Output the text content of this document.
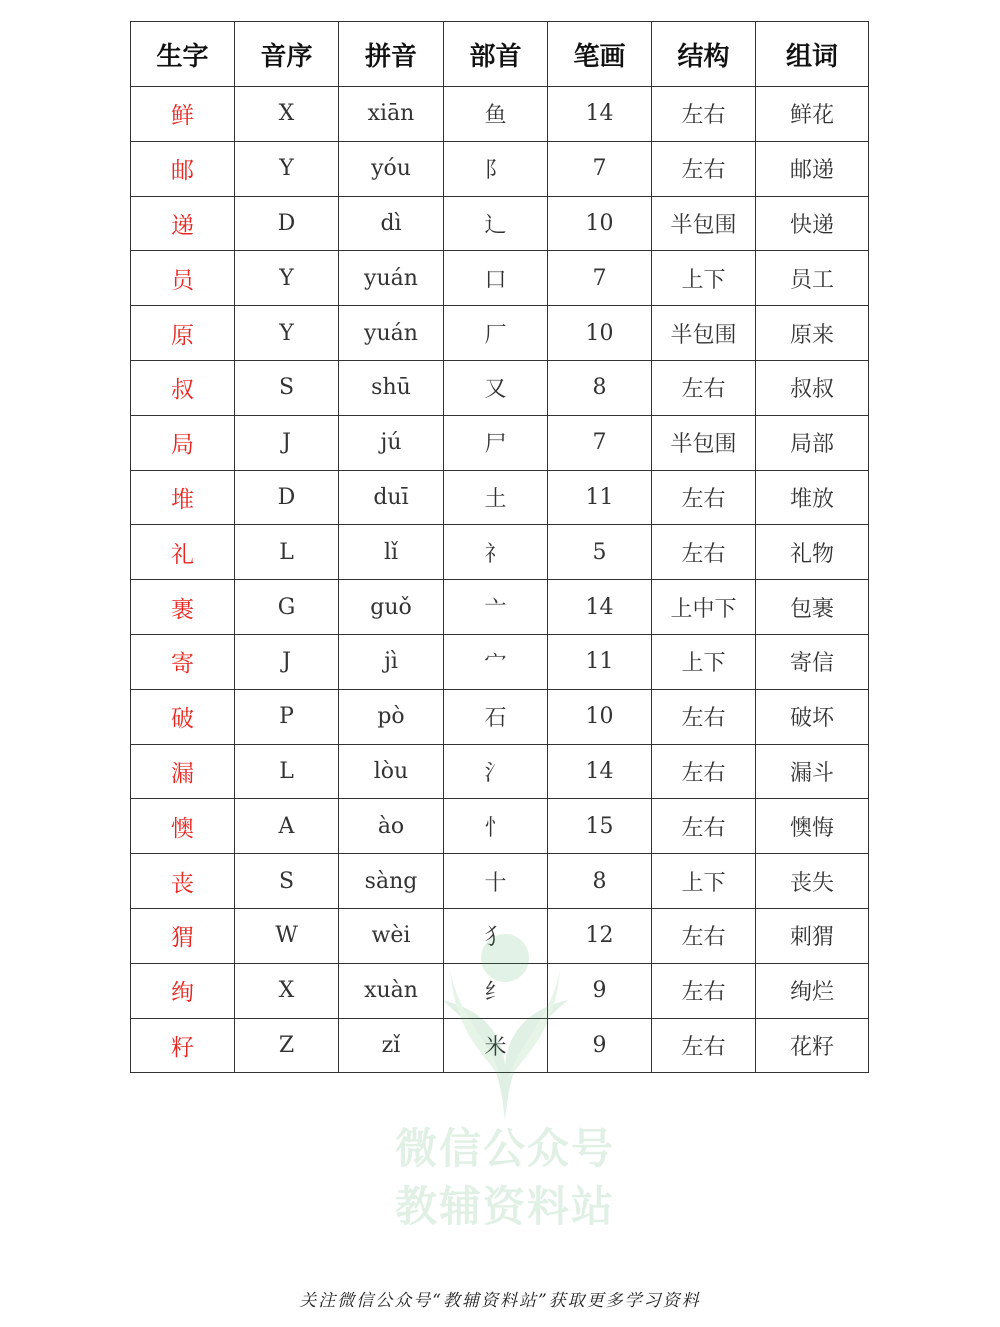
生字	音序	拼音	部首	笔画	结构	组词
鲜	X	xiān	鱼	14	左右	鲜花
邮	Y	yóu	阝	7	左右	邮递
递	D	dì	辶	10	半包围	快递
员	Y	yuán	口	7	上下	员工
原	Y	yuán	厂	10	半包围	原来
叔	S	shū	又	8	左右	叔叔
局	J	jú	尸	7	半包围	局部
堆	D	duī	土	11	左右	堆放
礼	L	lǐ	礻	5	左右	礼物
裹	G	guǒ	亠	14	上中下	包裹
寄	J	jì	宀	11	上下	寄信
破	P	pò	石	10	左右	破坏
漏	L	lòu	氵	14	左右	漏斗
懊	A	ào	忄	15	左右	懊悔
丧	S	sàng	十	8	上下	丧失
猬	W	wèi	犭	12	左右	刺猬
绚	X	xuàn	纟	9	左右	绚烂
籽	Z	zǐ	米	9	左右	花籽
微信公众号
教辅资料站
关注微信公众号“教辅资料站”获取更多学习资料
